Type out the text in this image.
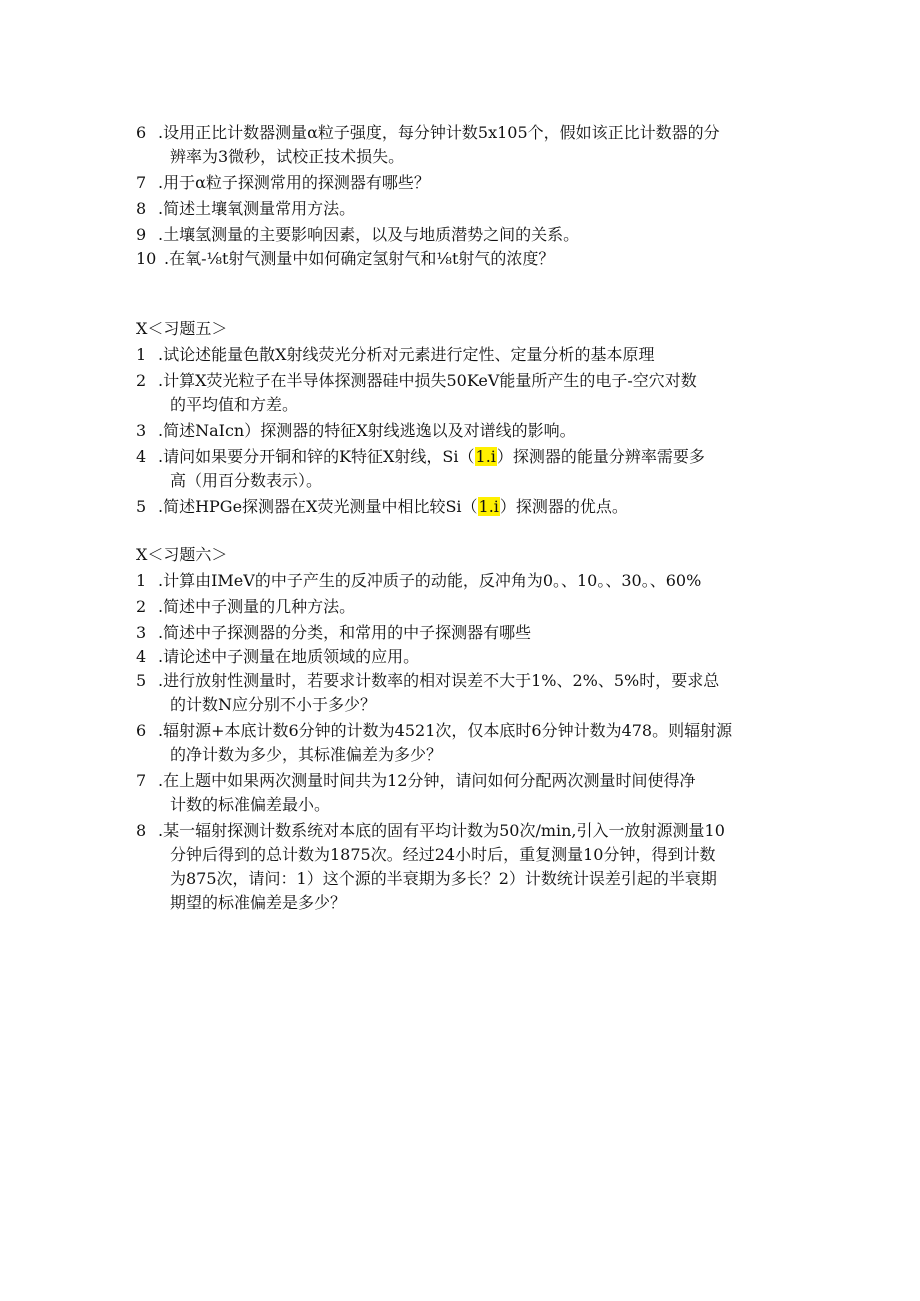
6 .设用正比计数器测量α粒子强度，每分钟计数5x105个，假如该正比计数器的分
辨率为3微秒，试校正技术损失。
7 .用于α粒子探测常用的探测器有哪些？
8 .简述土壤氧测量常用方法。
9 .土壤氢测量的主要影响因素，以及与地质潜势之间的关系。
10 .在氧-⅛t射气测量中如何确定氢射气和⅛t射气的浓度？
X＜习题五＞
1 .试论述能量色散X射线荧光分析对元素进行定性、定量分析的基本原理
2 .计算X荧光粒子在半导体探测器硅中损失50KeV能量所产生的电子-空穴对数
的平均值和方差。
3 .简述NaIcn）探测器的特征X射线逃逸以及对谱线的影响。
4 .请问如果要分开铜和锌的K特征X射线，Si（1.i）探测器的能量分辨率需要多
高（用百分数表示）。
5 .简述HPGe探测器在X荧光测量中相比较Si（1.i）探测器的优点。
X＜习题六＞
1 .计算由IMeV的中子产生的反冲质子的动能，反冲角为0。、10。、30。、60%
2 .简述中子测量的几种方法。
3 .简述中子探测器的分类，和常用的中子探测器有哪些
4 .请论述中子测量在地质领域的应用。
5 .进行放射性测量时，若要求计数率的相对误差不大于1%、2%、5%时，要求总
的计数N应分别不小于多少？
6 .辐射源+本底计数6分钟的计数为4521次，仅本底时6分钟计数为478。则辐射源
的净计数为多少，其标准偏差为多少？
7 .在上题中如果两次测量时间共为12分钟，请问如何分配两次测量时间使得净
计数的标准偏差最小。
8 .某一辐射探测计数系统对本底的固有平均计数为50次/min,引入一放射源测量10
分钟后得到的总计数为1875次。经过24小时后，重复测量10分钟，得到计数
为875次，请问：1）这个源的半衰期为多长？2）计数统计误差引起的半衰期
期望的标准偏差是多少？
